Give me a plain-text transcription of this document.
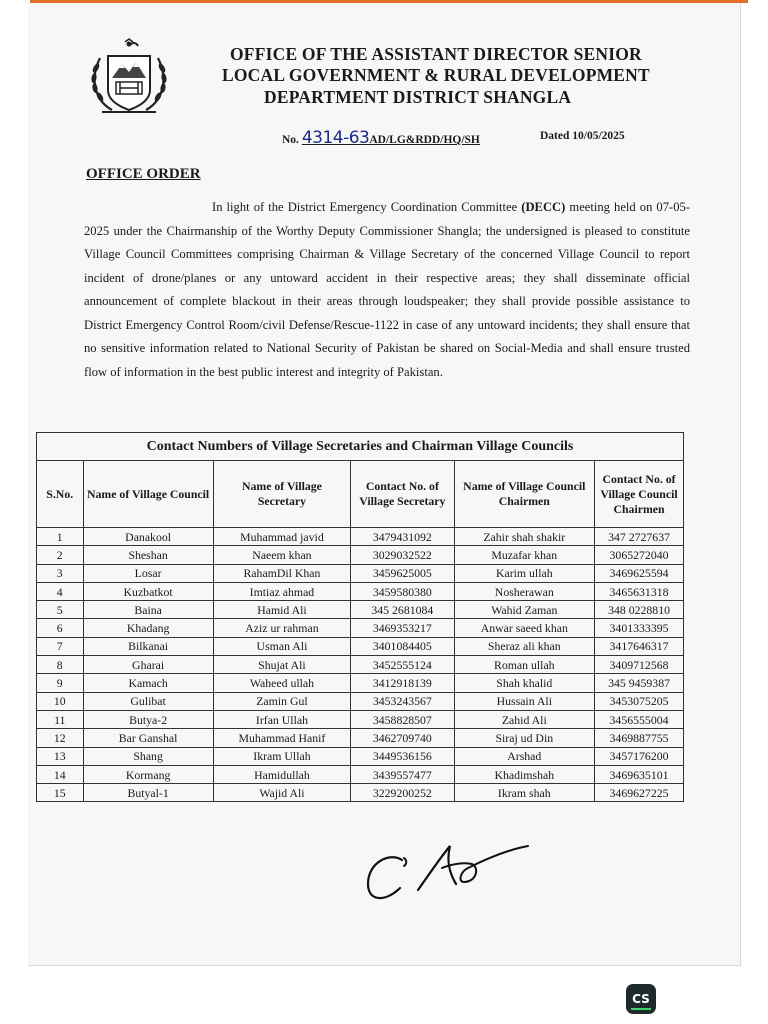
OFFICE OF THE ASSISTANT DIRECTOR SENIOR
LOCAL GOVERNMENT & RURAL DEVELOPMENT
DEPARTMENT DISTRICT SHANGLA
No. 4314-63AD/LG&RDD/HQ/SH	Dated 10/05/2025
OFFICE ORDER
In light of the District Emergency Coordination Committee (DECC) meeting held on 07-05-2025 under the Chairmanship of the Worthy Deputy Commissioner Shangla; the undersigned is pleased to constitute Village Council Committees comprising Chairman & Village Secretary of the concerned Village Council to report incident of drone/planes or any untoward accident in their respective areas; they shall disseminate official announcement of complete blackout in their areas through loudspeaker; they shall provide possible assistance to District Emergency Control Room/civil Defense/Rescue-1122 in case of any untoward incidents; they shall ensure that no sensitive information related to National Security of Pakistan be shared on Social-Media and shall ensure trusted flow of information in the best public interest and integrity of Pakistan.
Contact Numbers of Village Secretaries and Chairman Village Councils					
S.No.	Name of Village Council	Name of Village Secretary	Contact No. of Village Secretary	Name of Village Council Chairmen	Contact No. of Village Council Chairmen
1	Danakool	Muhammad javid	3479431092	Zahir shah shakir	347 2727637
2	Sheshan	Naeem khan	3029032522	Muzafar khan	3065272040
3	Losar	RahamDil Khan	3459625005	Karim ullah	3469625594
4	Kuzbatkot	Imtiaz ahmad	3459580380	Nosherawan	3465631318
5	Baina	Hamid Ali	345 2681084	Wahid Zaman	348 0228810
6	Khadang	Aziz ur rahman	3469353217	Anwar saeed khan	3401333395
7	Bilkanai	Usman Ali	3401084405	Sheraz ali khan	3417646317
8	Gharai	Shujat Ali	3452555124	Roman ullah	3409712568
9	Kamach	Waheed ullah	3412918139	Shah khalid	345 9459387
10	Gulibat	Zamin Gul	3453243567	Hussain Ali	3453075205
11	Butya-2	Irfan Ullah	3458828507	Zahid Ali	3456555004
12	Bar Ganshal	Muhammad Hanif	3462709740	Siraj ud Din	3469887755
13	Shang	Ikram Ullah	3449536156	Arshad	3457176200
14	Kormang	Hamidullah	3439557477	Khadimshah	3469635101
15	Butyal-1	Wajid Ali	3229200252	Ikram shah	3469627225
CS
